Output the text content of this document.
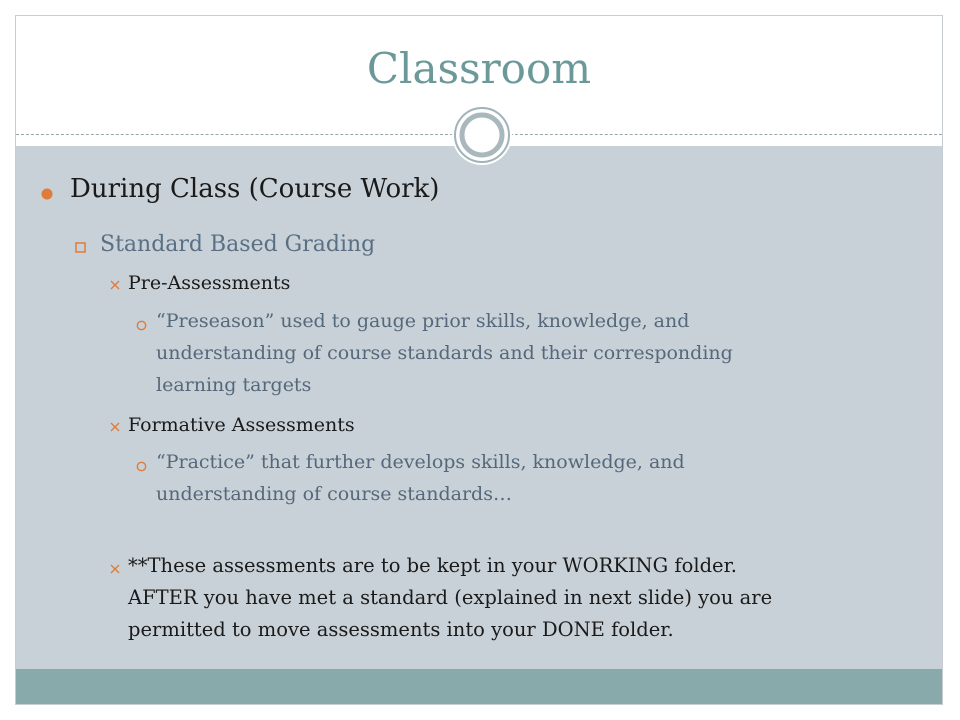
Classroom
During Class (Course Work)
Standard Based Grading
Pre-Assessments
“Preseason” used to gauge prior skills, knowledge, and
understanding of course standards and their corresponding
learning targets
Formative Assessments
“Practice” that further develops skills, knowledge, and
understanding of course standards…
**These assessments are to be kept in your WORKING folder.
AFTER you have met a standard (explained in next slide) you are
permitted to move assessments into your DONE folder.
